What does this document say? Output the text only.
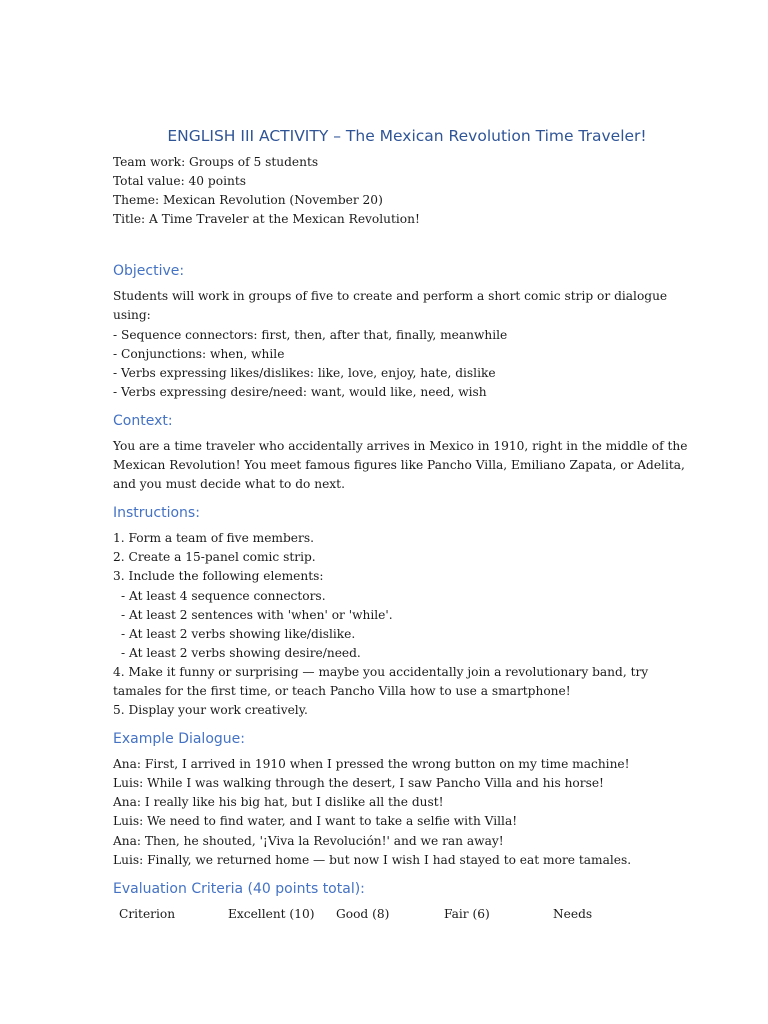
ENGLISH III ACTIVITY – The Mexican Revolution Time Traveler!

Team work: Groups of 5 students

Total value: 40 points

Theme: Mexican Revolution (November 20)

Title: A Time Traveler at the Mexican Revolution!

Objective:

Students will work in groups of five to create and perform a short comic strip or dialogue

using:

- Sequence connectors: first, then, after that, finally, meanwhile

- Conjunctions: when, while

- Verbs expressing likes/dislikes: like, love, enjoy, hate, dislike

- Verbs expressing desire/need: want, would like, need, wish

Context:

You are a time traveler who accidentally arrives in Mexico in 1910, right in the middle of the

Mexican Revolution! You meet famous figures like Pancho Villa, Emiliano Zapata, or Adelita,

and you must decide what to do next.

Instructions:

1. Form a team of five members.

2. Create a 15-panel comic strip.

3. Include the following elements:

- At least 4 sequence connectors.

- At least 2 sentences with 'when' or 'while'.

- At least 2 verbs showing like/dislike.

- At least 2 verbs showing desire/need.

4. Make it funny or surprising — maybe you accidentally join a revolutionary band, try

tamales for the first time, or teach Pancho Villa how to use a smartphone!

5. Display your work creatively.

Example Dialogue:

Ana: First, I arrived in 1910 when I pressed the wrong button on my time machine!

Luis: While I was walking through the desert, I saw Pancho Villa and his horse!

Ana: I really like his big hat, but I dislike all the dust!

Luis: We need to find water, and I want to take a selfie with Villa!

Ana: Then, he shouted, '¡Viva la Revolución!' and we ran away!

Luis: Finally, we returned home — but now I wish I had stayed to eat more tamales.

Evaluation Criteria (40 points total):
Criterion	Excellent (10)	Good (8)	Fair (6)	Needs
